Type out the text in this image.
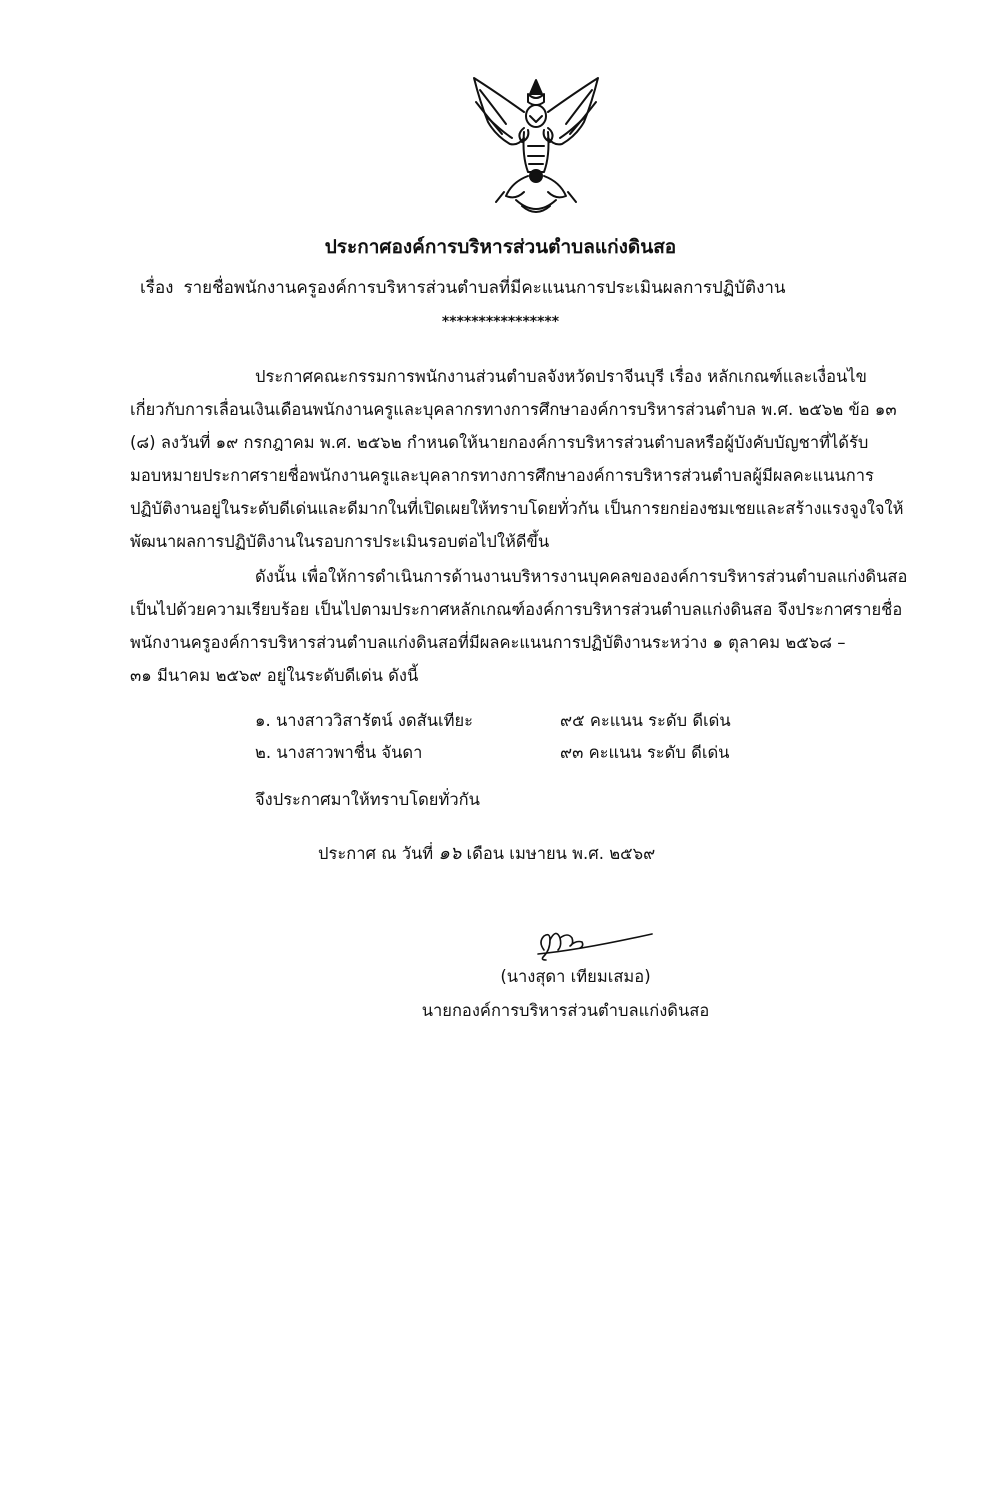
ประกาศองค์การบริหารส่วนตำบลแก่งดินสอ
เรื่อง รายชื่อพนักงานครูองค์การบริหารส่วนตำบลที่มีคะแนนการประเมินผลการปฏิบัติงาน
****************
ประกาศคณะกรรมการพนักงานส่วนตำบลจังหวัดปราจีนบุรี เรื่อง หลักเกณฑ์และเงื่อนไข
เกี่ยวกับการเลื่อนเงินเดือนพนักงานครูและบุคลากรทางการศึกษาองค์การบริหารส่วนตำบล พ.ศ. ๒๕๖๒ ข้อ ๑๓
(๘) ลงวันที่ ๑๙ กรกฎาคม พ.ศ. ๒๕๖๒ กำหนดให้นายกองค์การบริหารส่วนตำบลหรือผู้บังคับบัญชาที่ได้รับ
มอบหมายประกาศรายชื่อพนักงานครูและบุคลากรทางการศึกษาองค์การบริหารส่วนตำบลผู้มีผลคะแนนการ
ปฏิบัติงานอยู่ในระดับดีเด่นและดีมากในที่เปิดเผยให้ทราบโดยทั่วกัน เป็นการยกย่องชมเชยและสร้างแรงจูงใจให้
พัฒนาผลการปฏิบัติงานในรอบการประเมินรอบต่อไปให้ดีขึ้น
ดังนั้น เพื่อให้การดำเนินการด้านงานบริหารงานบุคคลขององค์การบริหารส่วนตำบลแก่งดินสอ
เป็นไปด้วยความเรียบร้อย เป็นไปตามประกาศหลักเกณฑ์องค์การบริหารส่วนตำบลแก่งดินสอ จึงประกาศรายชื่อ
พนักงานครูองค์การบริหารส่วนตำบลแก่งดินสอที่มีผลคะแนนการปฏิบัติงานระหว่าง ๑ ตุลาคม ๒๕๖๘ –
๓๑ มีนาคม ๒๕๖๙ อยู่ในระดับดีเด่น ดังนี้
๑. นางสาววิสารัตน์ งดสันเทียะ	๙๕ คะแนน ระดับ ดีเด่น
๒. นางสาวพาชื่น จันดา	๙๓ คะแนน ระดับ ดีเด่น
จึงประกาศมาให้ทราบโดยทั่วกัน
ประกาศ ณ วันที่ ๑๖ เดือน เมษายน พ.ศ. ๒๕๖๙
(นางสุดา เทียมเสมอ)
นายกองค์การบริหารส่วนตำบลแก่งดินสอ
